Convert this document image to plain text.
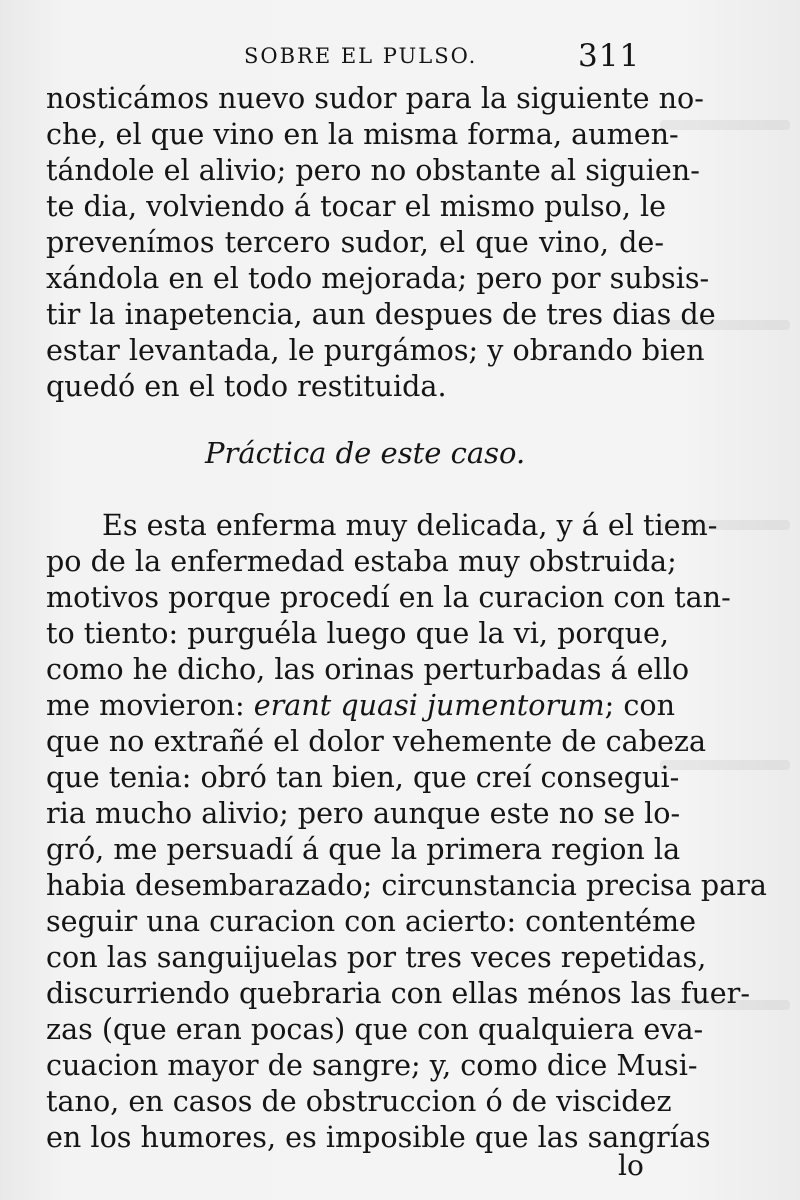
SOBRE EL PULSO.	311
nosticámos nuevo sudor para la siguiente no-
che, el que vino en la misma forma, aumen-
tándole el alivio; pero no obstante al siguien-
te dia, volviendo á tocar el mismo pulso, le
prevenímos tercero sudor, el que vino, de-
xándola en el todo mejorada; pero por subsis-
tir la inapetencia, aun despues de tres dias de
estar levantada, le purgámos; y obrando bien
quedó en el todo restituida.
Práctica de este caso.
Es esta enferma muy delicada, y á el tiem-
po de la enfermedad estaba muy obstruida;
motivos porque procedí en la curacion con tan-
to tiento: purguéla luego que la vi, porque,
como he dicho, las orinas perturbadas á ello
me movieron: erant quasi jumentorum; con
que no extrañé el dolor vehemente de cabeza
que tenia: obró tan bien, que creí consegui-
ria mucho alivio; pero aunque este no se lo-
gró, me persuadí á que la primera region la
habia desembarazado; circunstancia precisa para
seguir una curacion con acierto: contentéme
con las sanguijuelas por tres veces repetidas,
discurriendo quebraria con ellas ménos las fuer-
zas (que eran pocas) que con qualquiera eva-
cuacion mayor de sangre; y, como dice Musi-
tano, en casos de obstruccion ó de viscidez
en los humores, es imposible que las sangrías
lo
